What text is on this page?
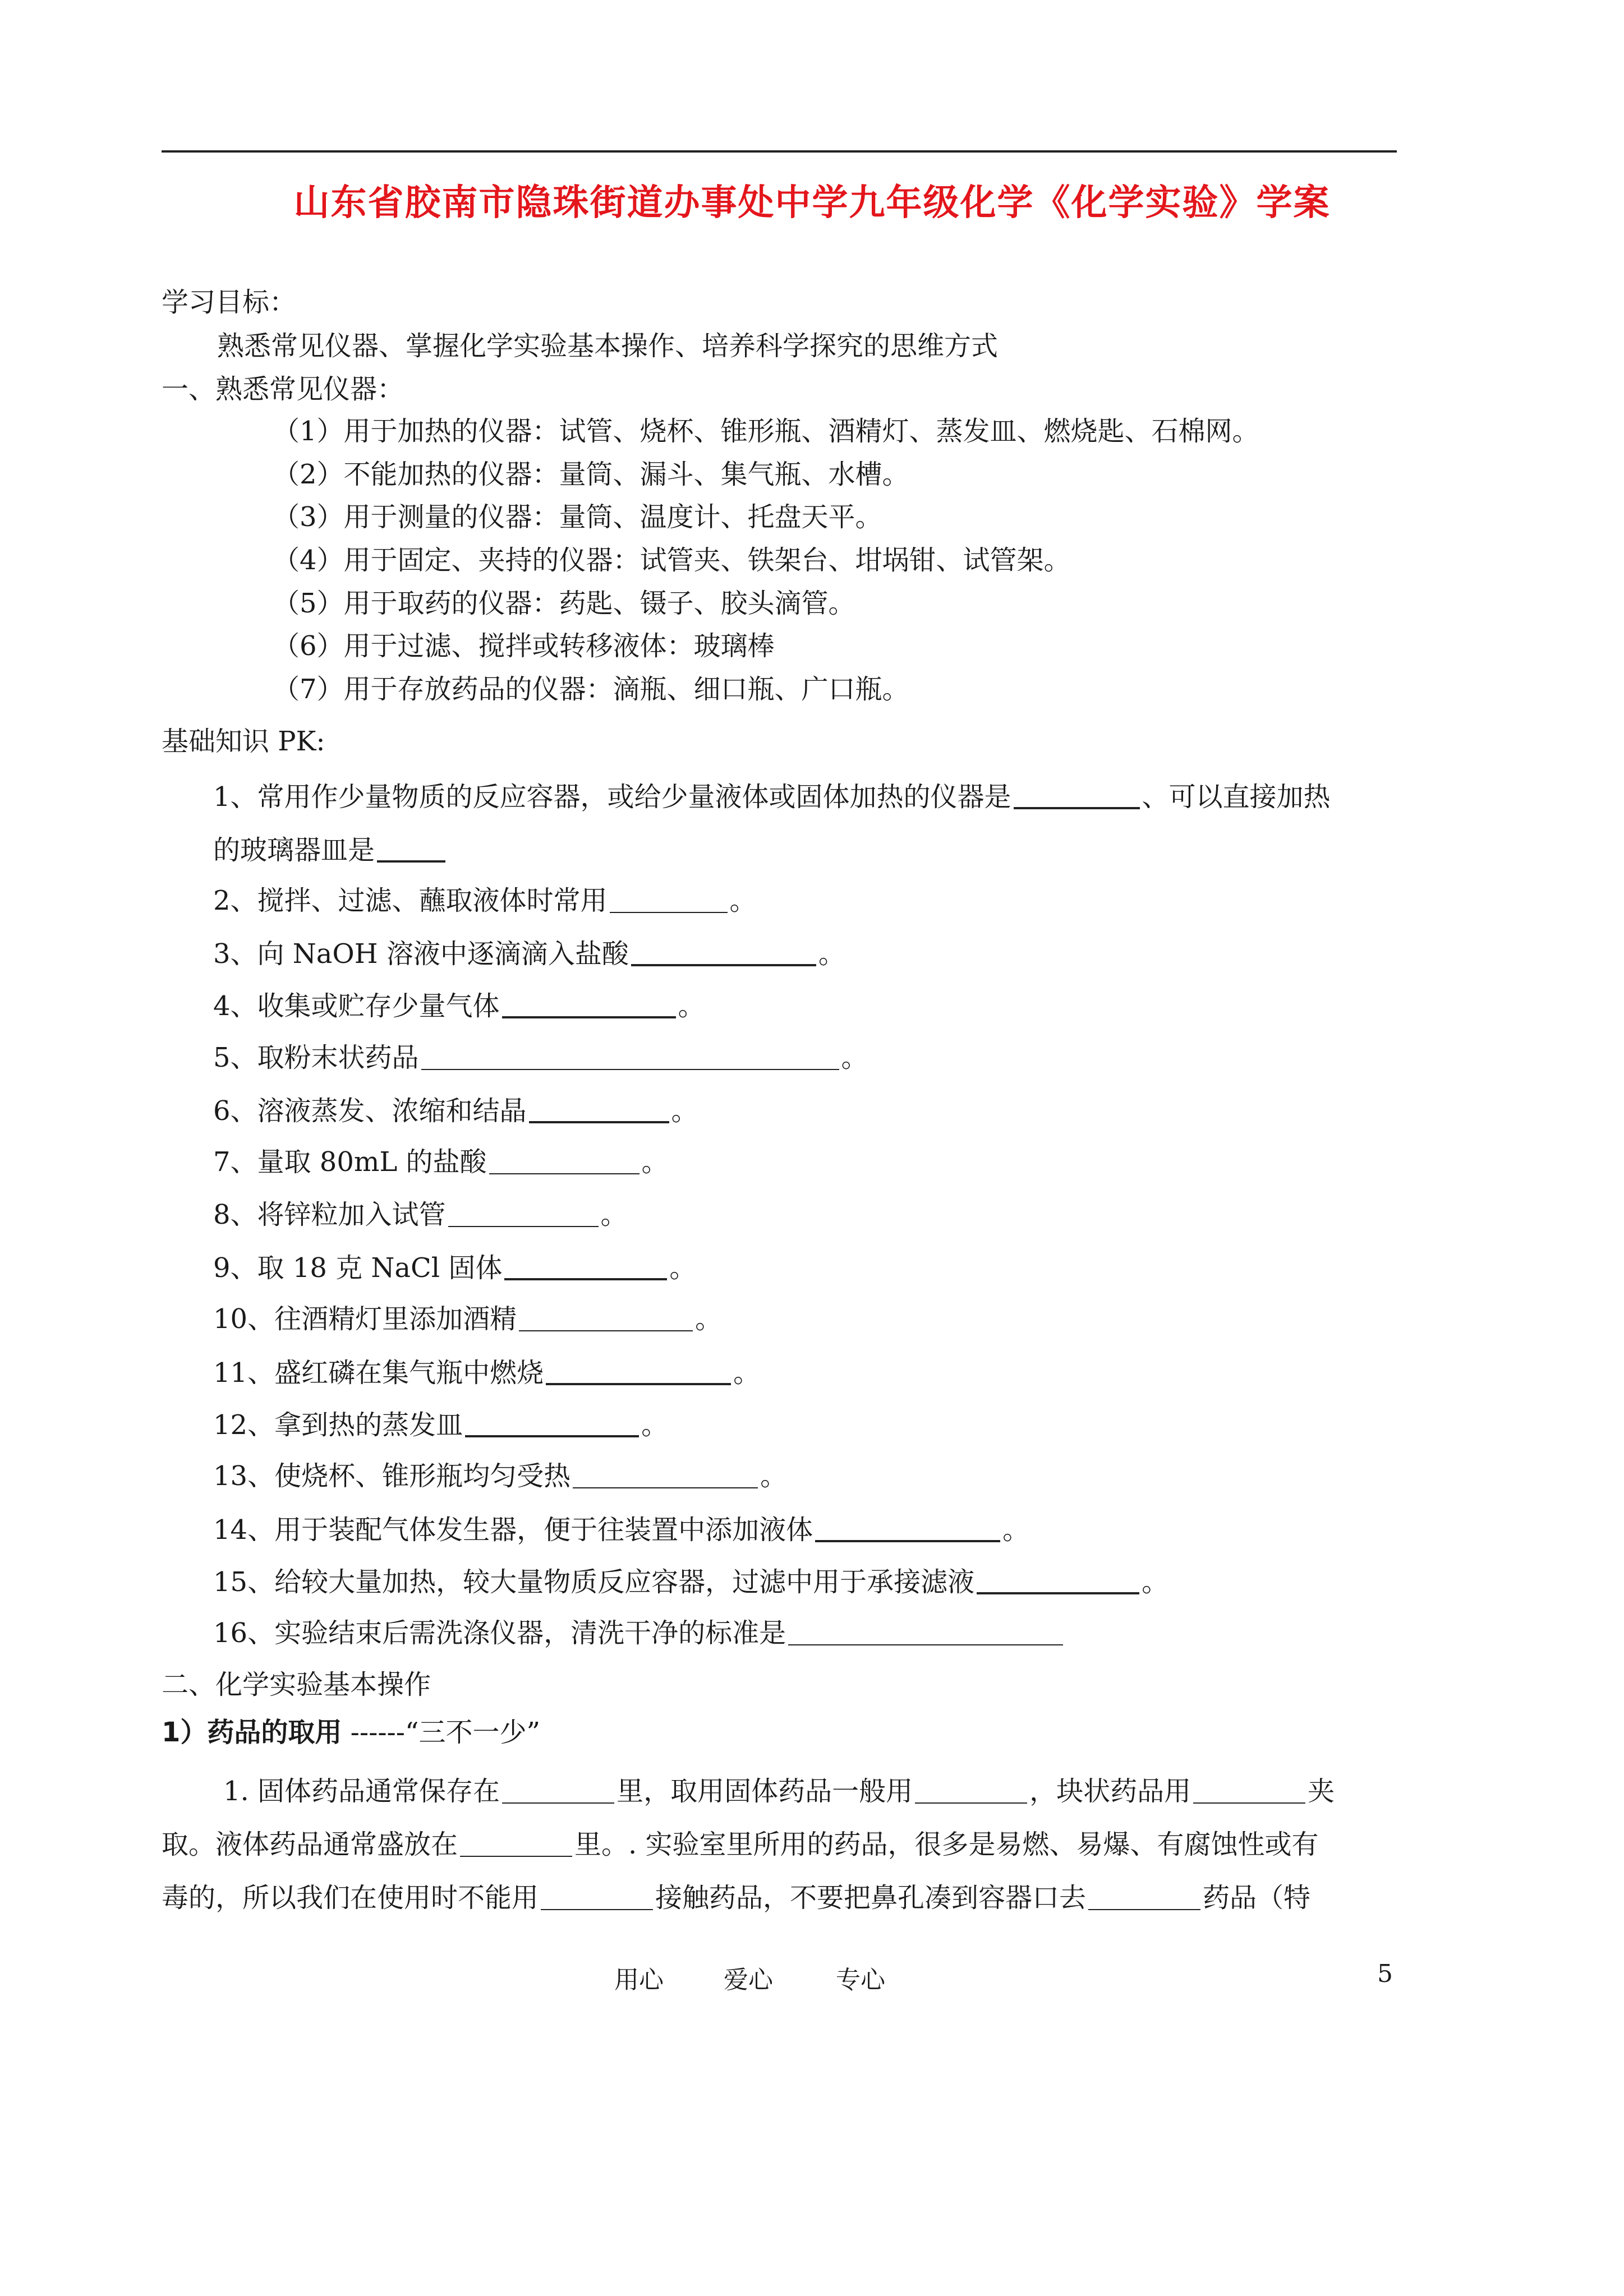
山东省胶南市隐珠街道办事处中学九年级化学《化学实验》学案
学习目标：
熟悉常见仪器、掌握化学实验基本操作、培养科学探究的思维方式
一、熟悉常见仪器：
（1）用于加热的仪器：试管、烧杯、锥形瓶、酒精灯、蒸发皿、燃烧匙、石棉网。
（2）不能加热的仪器：量筒、漏斗、集气瓶、水槽。
（3）用于测量的仪器：量筒、温度计、托盘天平。
（4）用于固定、夹持的仪器：试管夹、铁架台、坩埚钳、试管架。
（5）用于取药的仪器：药匙、镊子、胶头滴管。
（6）用于过滤、搅拌或转移液体：玻璃棒
（7）用于存放药品的仪器：滴瓶、细口瓶、广口瓶。
基础知识 PK:
1、常用作少量物质的反应容器，或给少量液体或固体加热的仪器是	、可以直接加热
的玻璃器皿是
2、搅拌、过滤、蘸取液体时常用	。
3、向 NaOH 溶液中逐滴滴入盐酸	。
4、收集或贮存少量气体	。
5、取粉末状药品	。
6、溶液蒸发、浓缩和结晶	。
7、量取 80mL 的盐酸	。
8、将锌粒加入试管	。
9、取 18 克 NaCl 固体	。
10、往酒精灯里添加酒精	。
11、盛红磷在集气瓶中燃烧	。
12、拿到热的蒸发皿	。
13、使烧杯、锥形瓶均匀受热	。
14、用于装配气体发生器，便于往装置中添加液体	。
15、给较大量加热，较大量物质反应容器，过滤中用于承接滤液	。
16、实验结束后需洗涤仪器，清洗干净的标准是
二、化学实验基本操作
1）药品的取用 ------“三不一少”
1. 固体药品通常保存在	里，取用固体药品一般用	，块状药品用	夹
取。液体药品通常盛放在	里。. 实验室里所用的药品，很多是易燃、易爆、有腐蚀性或有
毒的，所以我们在使用时不能用	接触药品，不要把鼻孔凑到容器口去	药品（特
用心 爱心	专心	5
